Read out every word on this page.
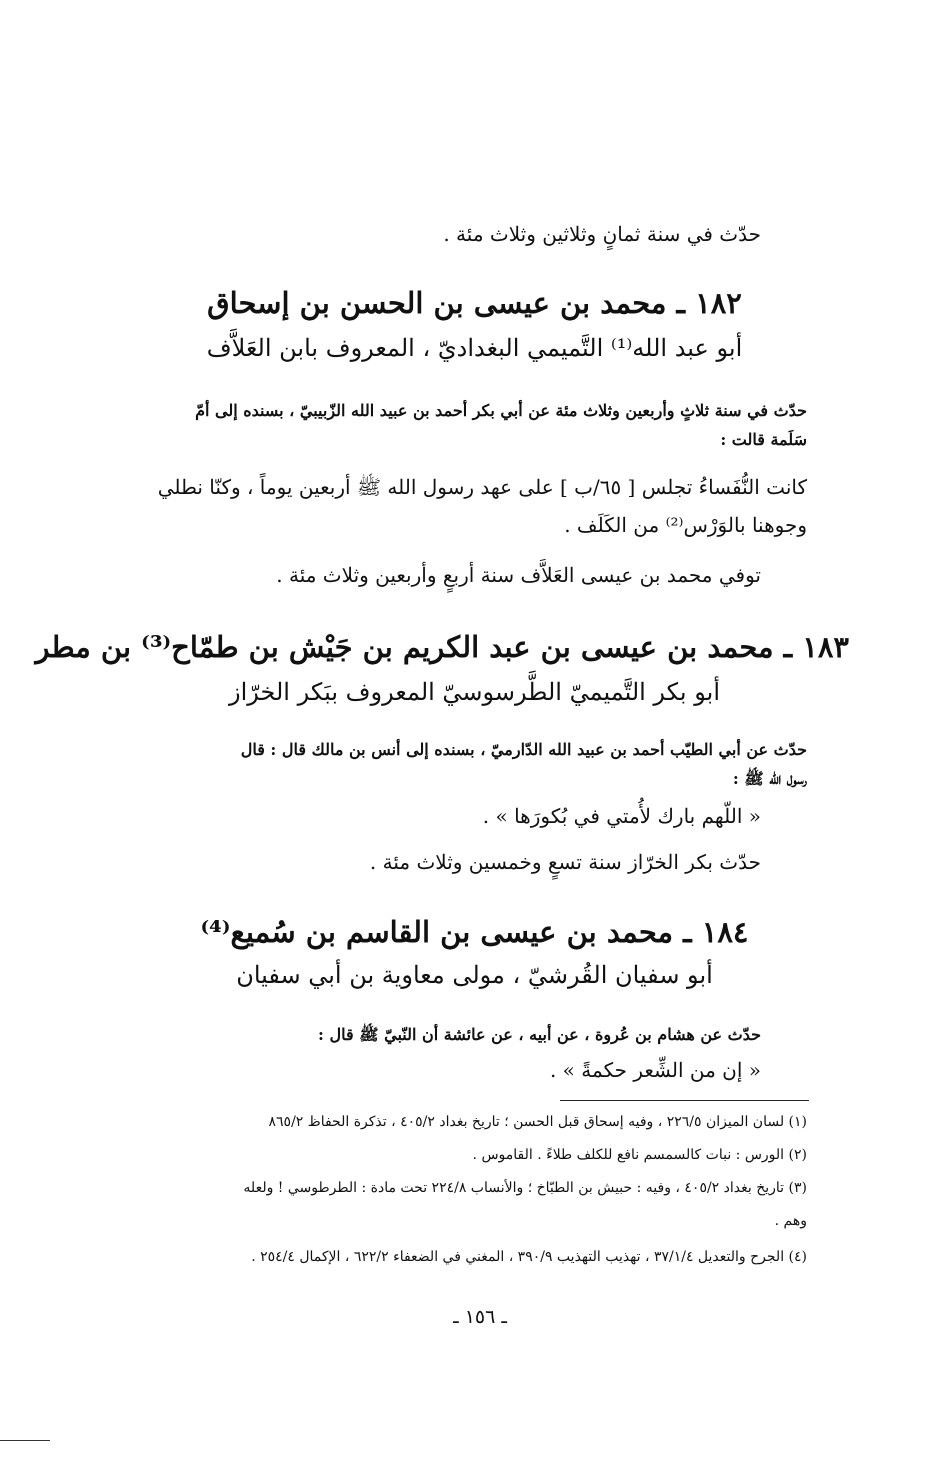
حدّث في سنة ثمانٍ وثلاثين وثلاث مئة .
١٨٢ ـ محمد بن عيسى بن الحسن بن إسحاق
أبو عبد الله⁽¹⁾ التَّميمي البغداديّ ، المعروف بابن العَلاَّف
حدّث في سنة ثلاثٍ وأربعين وثلاث مئة عن أبي بكر أحمد بن عبيد الله الزّبيبيّ ، بسنده إلى أمّ
سَلَمة قالت :
كانت النُّفَساءُ تجلس [ ٦٥/ب ] على عهد رسول الله ﷺ أربعين يوماً ، وكنّا نطلي
وجوهنا بالوَرْس⁽²⁾ من الكَلَف .
توفي محمد بن عيسى العَلاَّف سنة أربعٍ وأربعين وثلاث مئة .
١٨٣ ـ محمد بن عيسى بن عبد الكريم بن جَيْش بن طمّاح⁽³⁾ بن مطر
أبو بكر التَّميميّ الطَّرسوسيّ المعروف ببَكر الخرّاز
حدّث عن أبي الطيّب أحمد بن عبيد الله الدّارميّ ، بسنده إلى أنس بن مالك قال : قال
رسول الله ﷺ :
« اللّهم بارك لأُمتي في بُكورَها » .
حدّث بكر الخرّاز سنة تسعٍ وخمسين وثلاث مئة .
١٨٤ ـ محمد بن عيسى بن القاسم بن سُميع⁽⁴⁾
أبو سفيان القُرشيّ ، مولى معاوية بن أبي سفيان
حدّث عن هشام بن عُروة ، عن أبيه ، عن عائشة أن النّبيّ ﷺ قال :
« إن من الشِّعر حكمةً » .
(١) لسان الميزان ٢٢٦/٥ ، وفيه إسحاق قبل الحسن ؛ تاريخ بغداد ٤٠٥/٢ ، تذكرة الحفاظ ٨٦٥/٢
(٢) الورس : نبات كالسمسم نافع للكلف طلاءً . القاموس .
(٣) تاريخ بغداد ٤٠٥/٢ ، وفيه : حبيش بن الطبّاخ ؛ والأنساب ٢٢٤/٨ تحت مادة : الطرطوسي ! ولعله
وهم .
(٤) الجرح والتعديل ٣٧/١/٤ ، تهذيب التهذيب ٣٩٠/٩ ، المغني في الضعفاء ٦٢٢/٢ ، الإكمال ٢٥٤/٤ .
ـ ١٥٦ ـ
